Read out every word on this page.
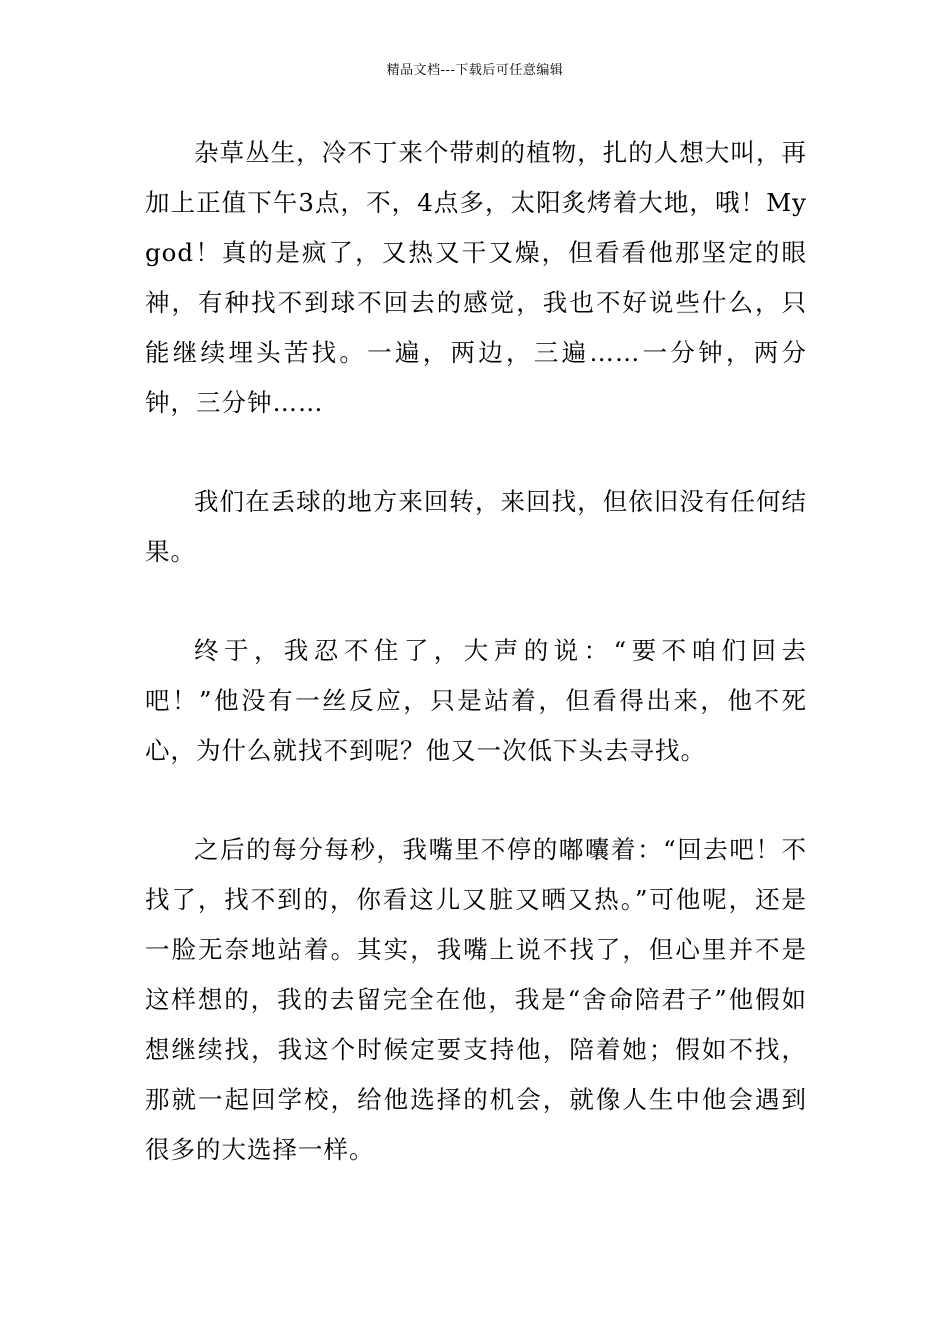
精品文档---下载后可任意编辑

杂草丛生，冷不丁来个带刺的植物，扎的人想大叫，再加上正值下午3点，不，4点多，太阳炙烤着大地，哦！My god！真的是疯了，又热又干又燥，但看看他那坚定的眼神，有种找不到球不回去的感觉，我也不好说些什么，只能继续埋头苦找。一遍，两边，三遍……一分钟，两分钟，三分钟……

我们在丢球的地方来回转，来回找，但依旧没有任何结果。

终于，我忍不住了，大声的说：“要不咱们回去吧！”他没有一丝反应，只是站着，但看得出来，他不死心，为什么就找不到呢？他又一次低下头去寻找。

之后的每分每秒，我嘴里不停的嘟囔着：“回去吧！不找了，找不到的，你看这儿又脏又晒又热。”可他呢，还是一脸无奈地站着。其实，我嘴上说不找了，但心里并不是这样想的，我的去留完全在他，我是“舍命陪君子”他假如想继续找，我这个时候定要支持他，陪着她；假如不找，那就一起回学校，给他选择的机会，就像人生中他会遇到很多的大选择一样。
